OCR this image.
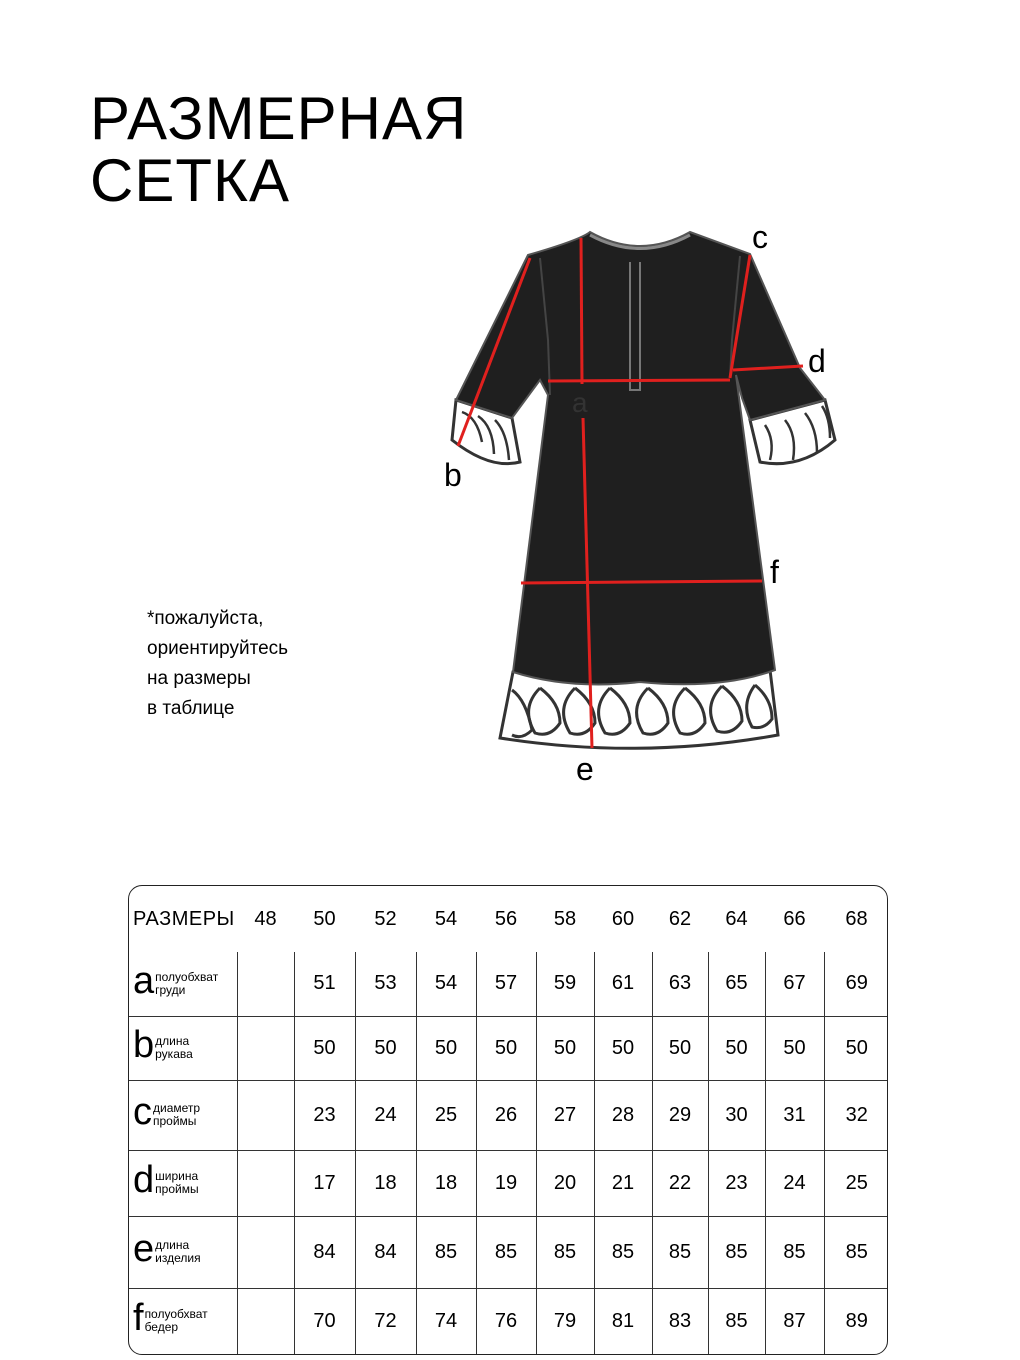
РАЗМЕРНАЯ
СЕТКА
a
b
c
d
e
f
*пожалуйста,
ориентируйтесь
на размеры
в таблице
РАЗМЕРЫ	48	50	52	54	56	58	60	62	64	66	68
a полуобхват
груди		51	53	54	57	59	61	63	65	67	69
b длина
рукава		50	50	50	50	50	50	50	50	50	50
c диаметр
проймы		23	24	25	26	27	28	29	30	31	32
d ширина
проймы		17	18	18	19	20	21	22	23	24	25
e длина
изделия		84	84	85	85	85	85	85	85	85	85
f полуобхват
бедер		70	72	74	76	79	81	83	85	87	89
